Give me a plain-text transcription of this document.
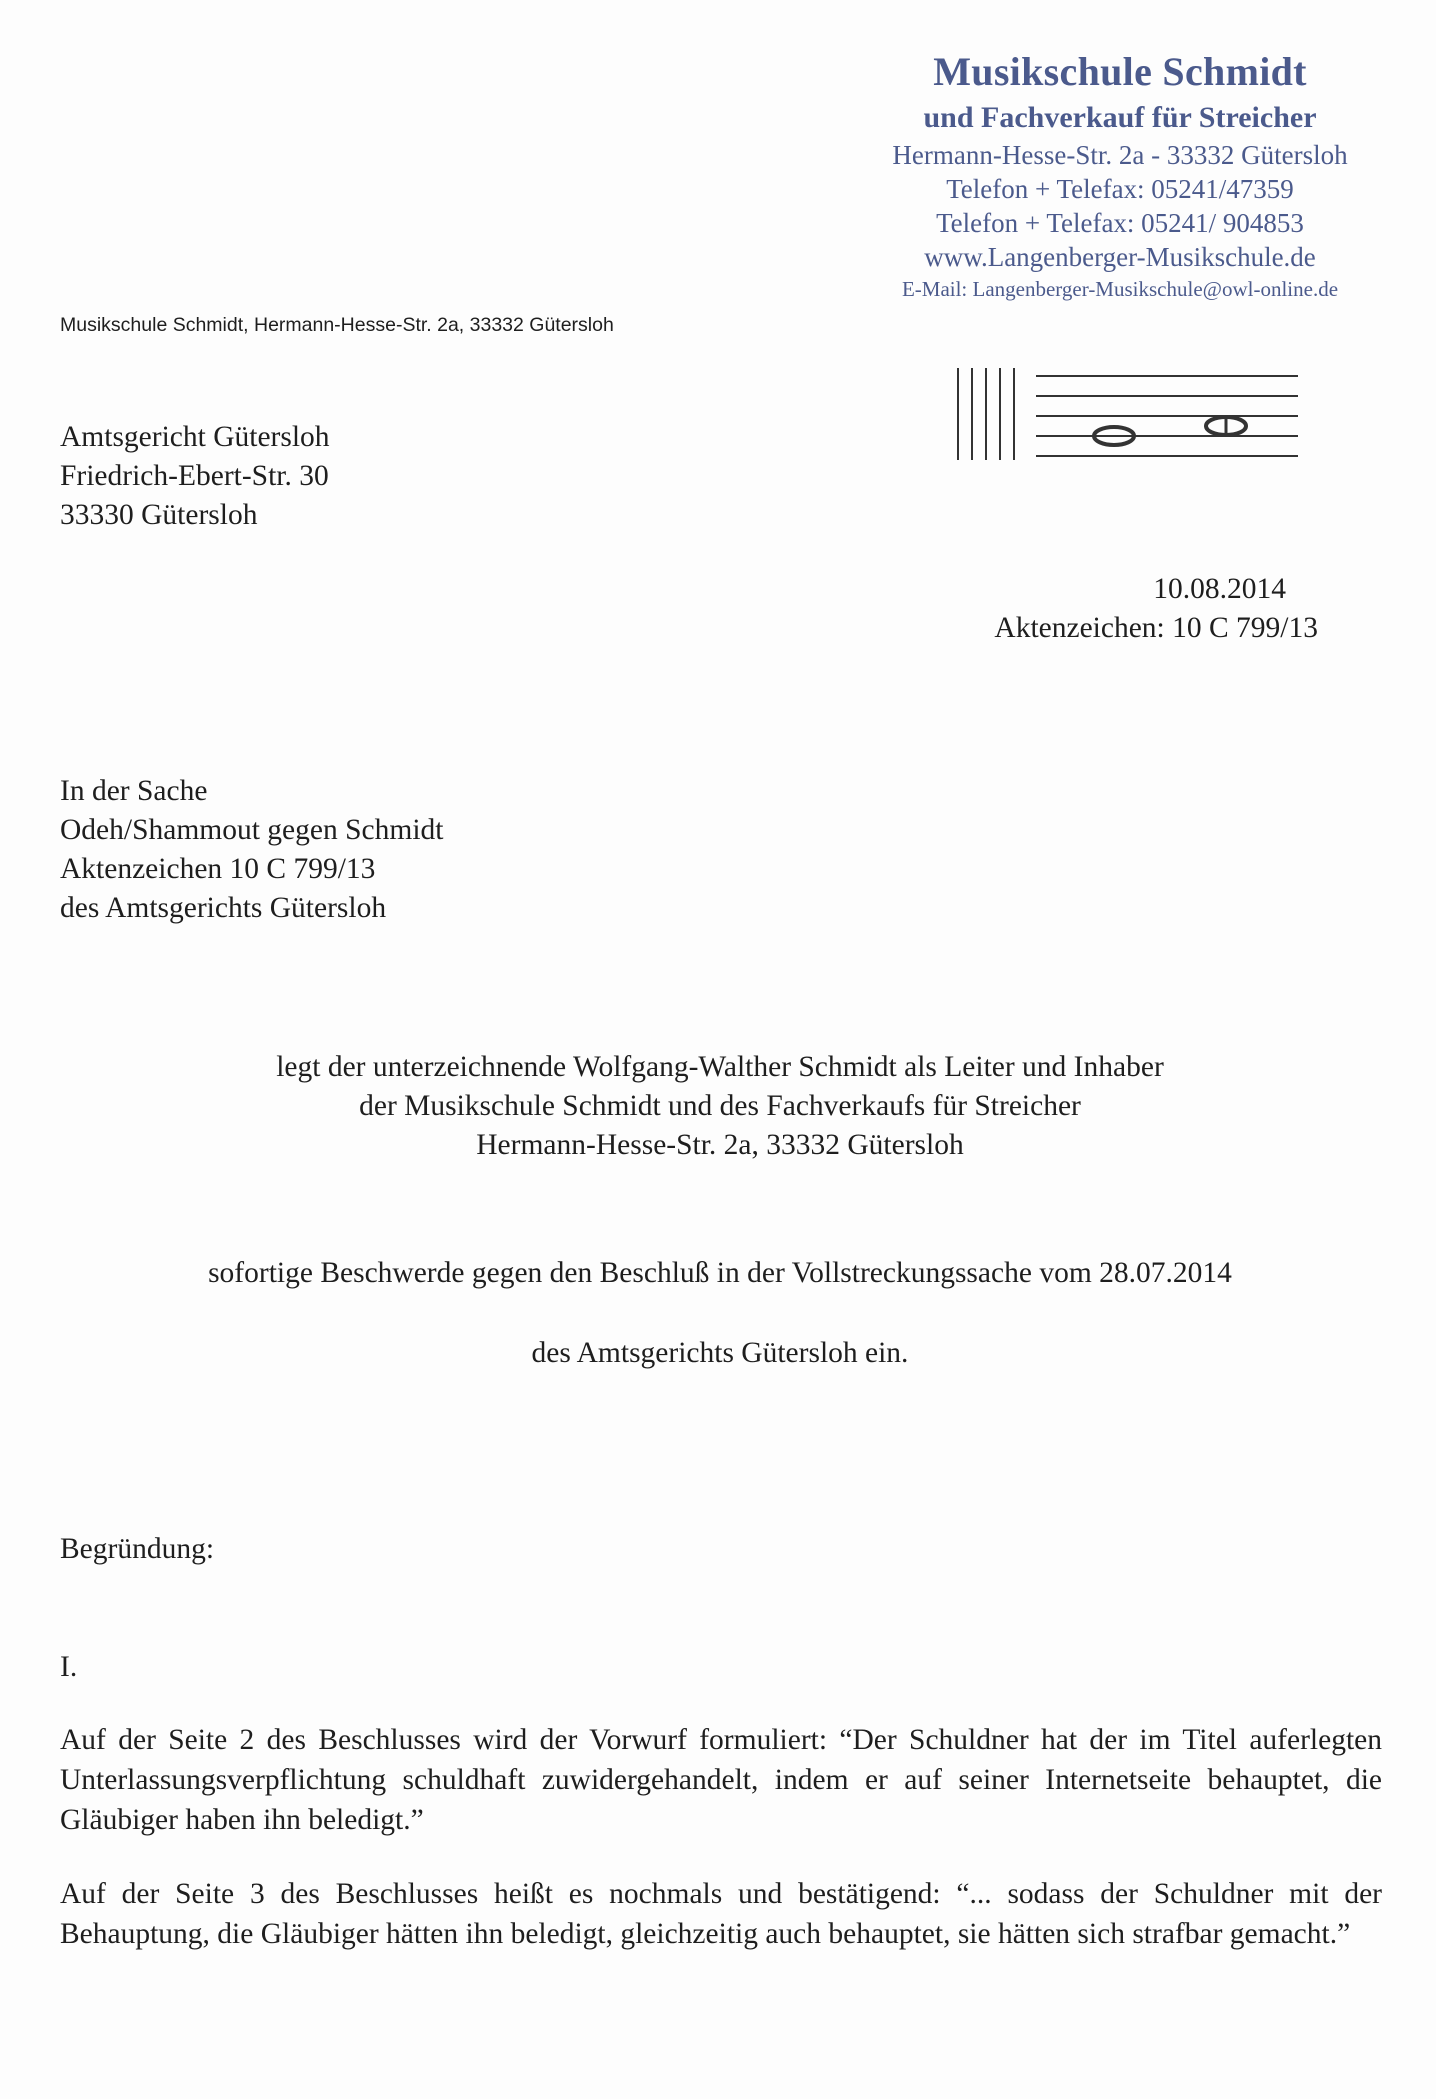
Musikschule Schmidt
und Fachverkauf für Streicher
Hermann-Hesse-Str. 2a - 33332 Gütersloh
Telefon + Telefax: 05241/47359
Telefon + Telefax: 05241/ 904853
www.Langenberger-Musikschule.de
E-Mail: Langenberger-Musikschule@owl-online.de
Musikschule Schmidt, Hermann-Hesse-Str. 2a, 33332 Gütersloh
Amtsgericht Gütersloh
Friedrich-Ebert-Str. 30
33330 Gütersloh
10.08.2014
Aktenzeichen: 10 C 799/13
In der Sache
Odeh/Shammout gegen Schmidt
Aktenzeichen 10 C 799/13
des Amtsgerichts Gütersloh
legt der unterzeichnende Wolfgang-Walther Schmidt als Leiter und Inhaber
der Musikschule Schmidt und des Fachverkaufs für Streicher
Hermann-Hesse-Str. 2a, 33332 Gütersloh
sofortige Beschwerde gegen den Beschluß in der Vollstreckungssache vom 28.07.2014
des Amtsgerichts Gütersloh ein.
Begründung:
I.
Auf der Seite 2 des Beschlusses wird der Vorwurf formuliert: “Der Schuldner hat der im Titel auferlegten Unterlassungsverpflichtung schuldhaft zuwidergehandelt, indem er auf seiner Internetseite behauptet, die Gläubiger haben ihn beledigt.”
Auf der Seite 3 des Beschlusses heißt es nochmals und bestätigend: “... sodass der Schuldner mit der Behauptung, die Gläubiger hätten ihn beledigt, gleichzeitig auch behauptet, sie hätten sich strafbar gemacht.”
